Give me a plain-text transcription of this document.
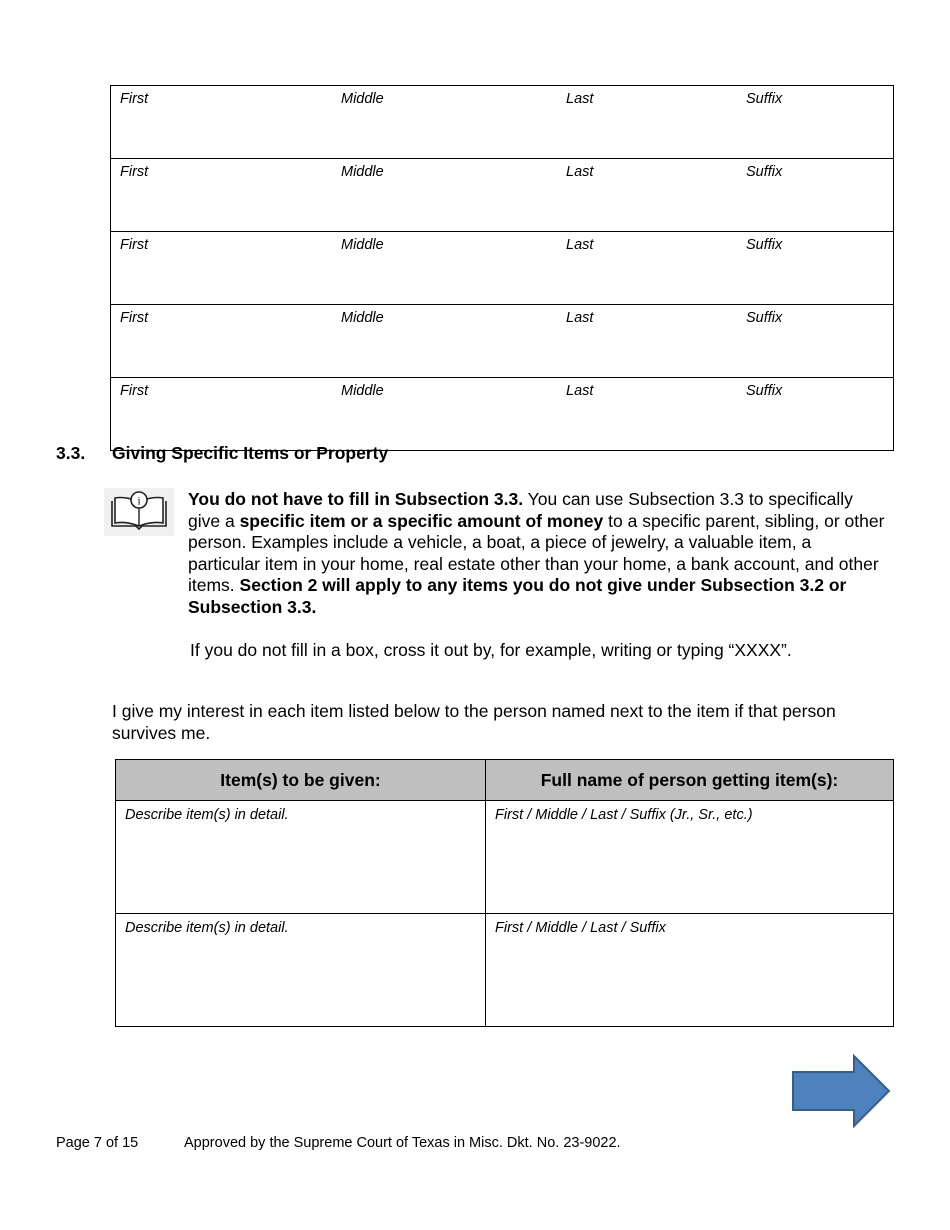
First	Middle	Last	Suffix
First	Middle	Last	Suffix
First	Middle	Last	Suffix
First	Middle	Last	Suffix
First	Middle	Last	Suffix
3.3. Giving Specific Items or Property
i	You do not have to fill in Subsection 3.3. You can use Subsection 3.3 to specifically give a specific item or a specific amount of money to a specific parent, sibling, or other person. Examples include a vehicle, a boat, a piece of jewelry, a valuable item, a particular item in your home, real estate other than your home, a bank account, and other items. Section 2 will apply to any items you do not give under Subsection 3.2 or Subsection 3.3.
If you do not fill in a box, cross it out by, for example, writing or typing “XXXX”.
I give my interest in each item listed below to the person named next to the item if that person survives me.
Item(s) to be given:	Full name of person getting item(s):
Describe item(s) in detail.	First / Middle / Last / Suffix (Jr., Sr., etc.)
Describe item(s) in detail.	First / Middle / Last / Suffix
Page 7 of 15	Approved by the Supreme Court of Texas in Misc. Dkt. No. 23-9022.
